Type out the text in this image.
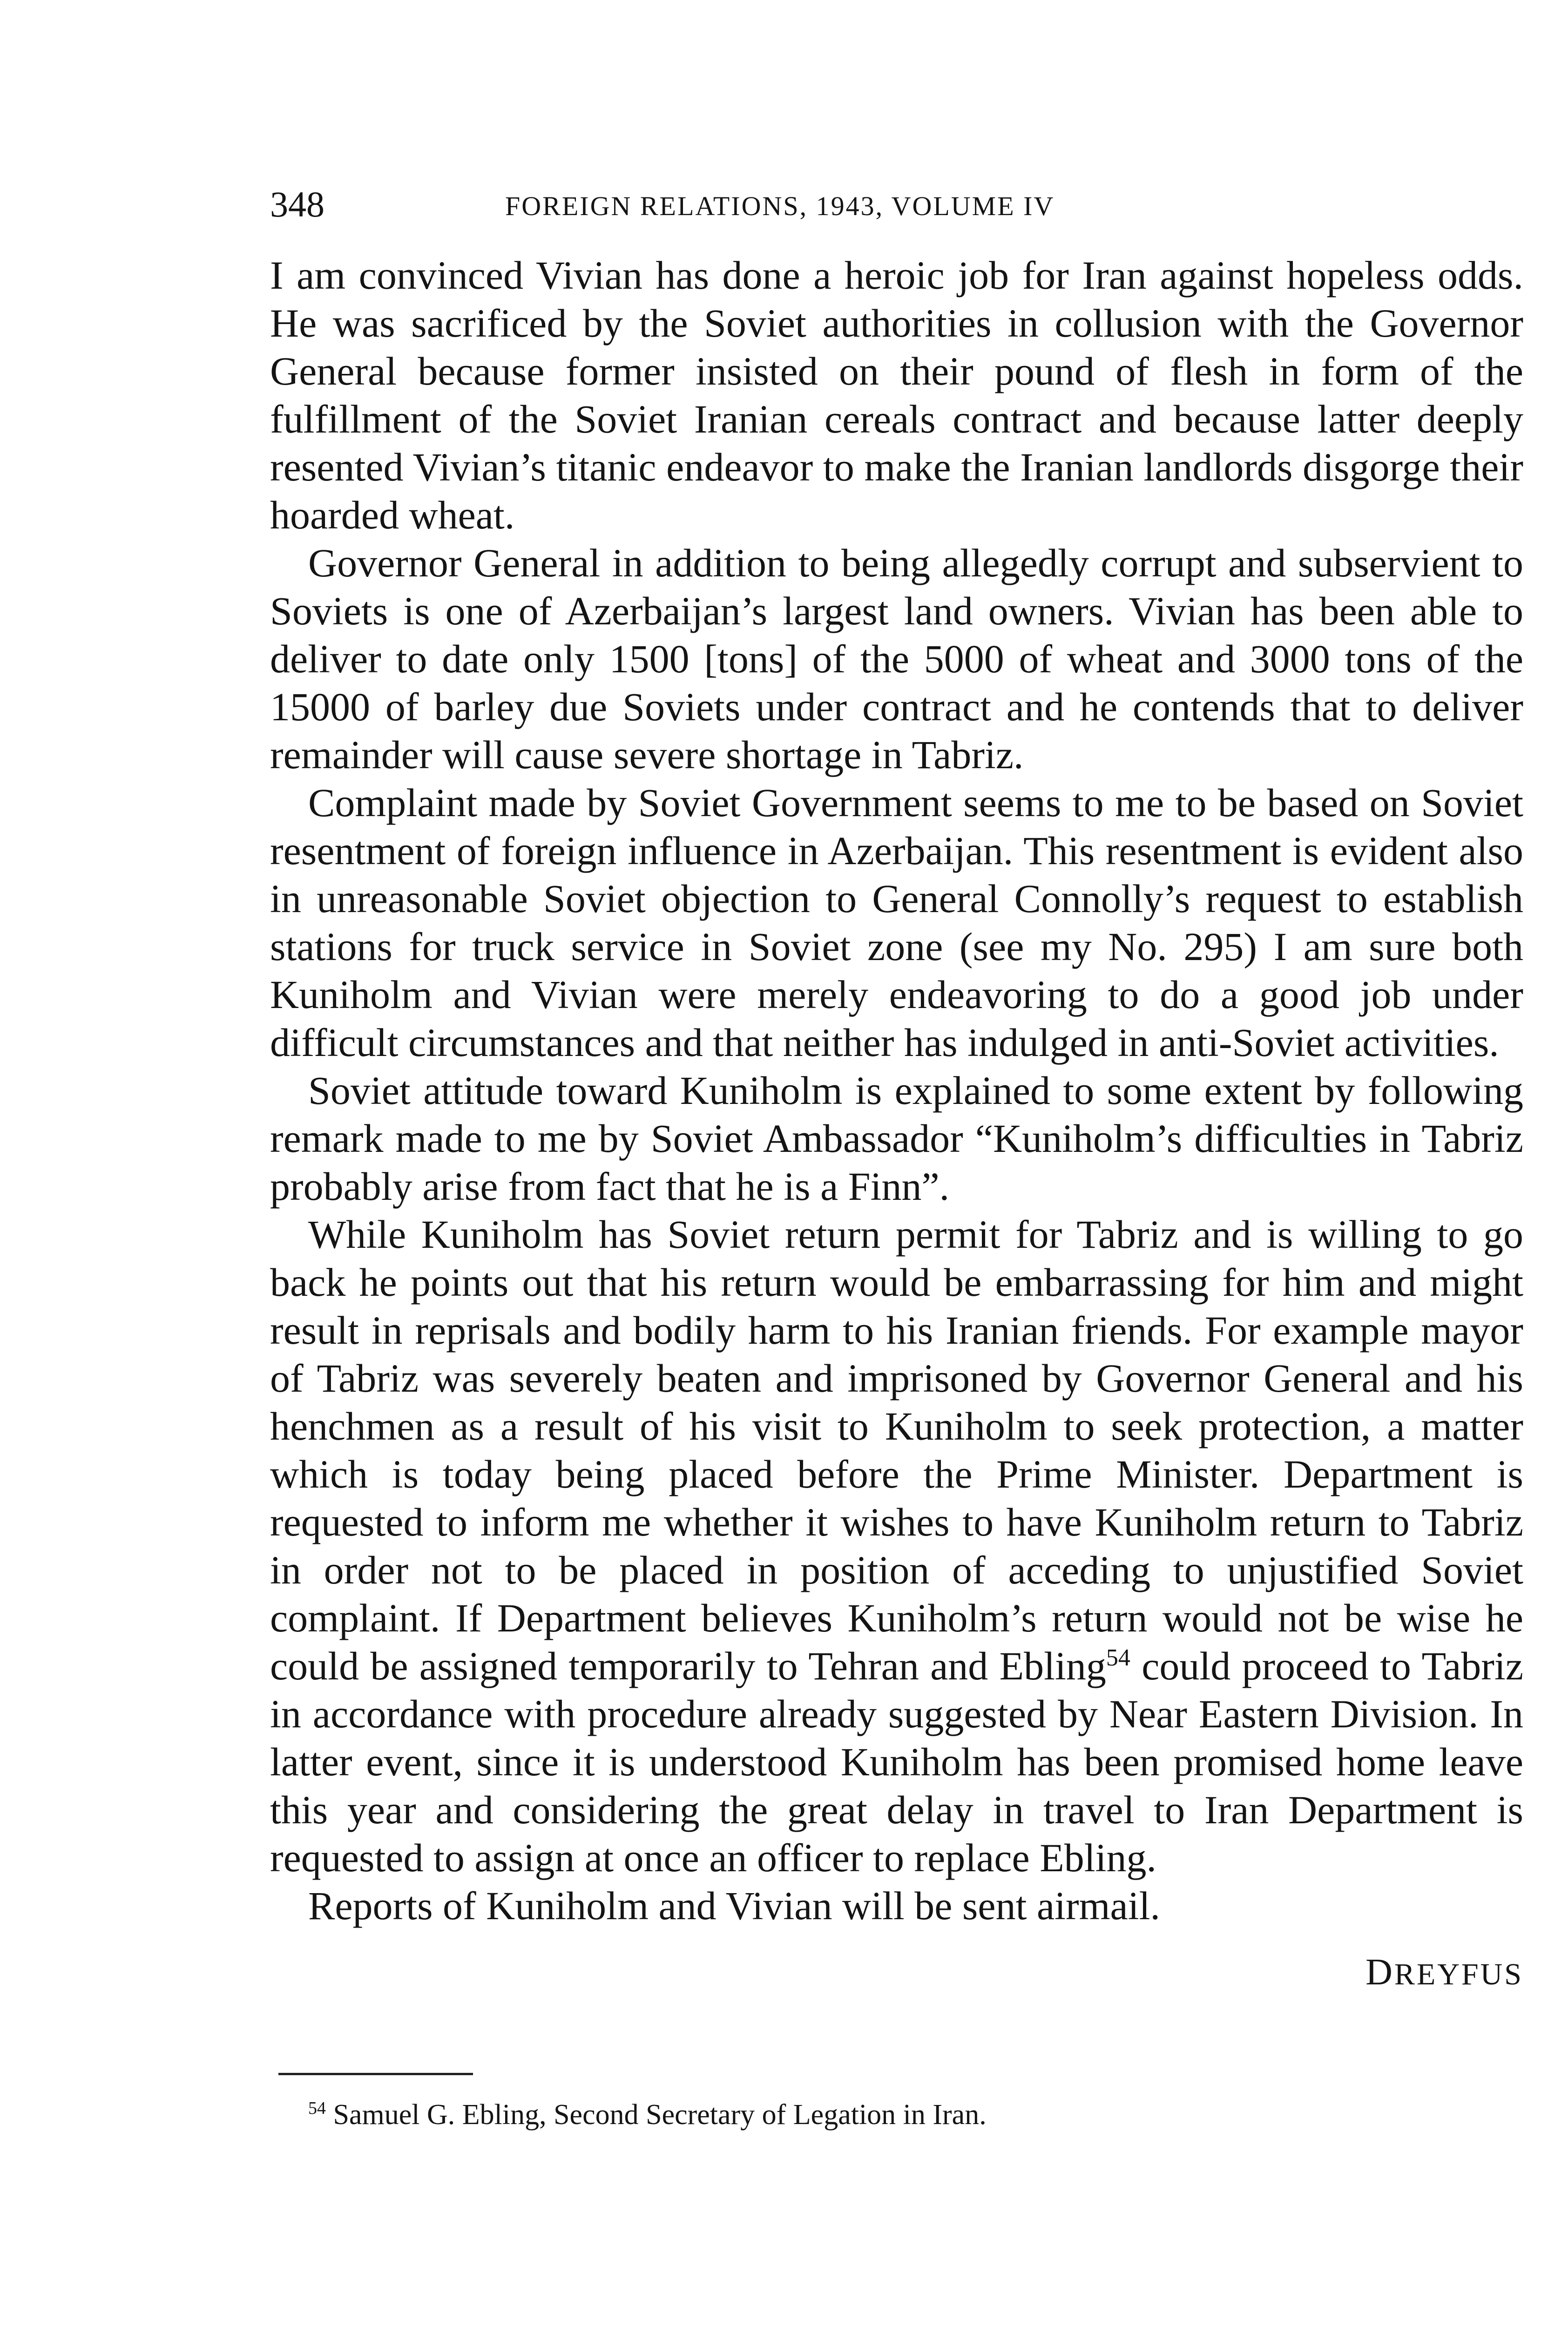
348	FOREIGN RELATIONS, 1943, VOLUME IV

I am convinced Vivian has done a heroic job for Iran against hopeless odds. He was sacrificed by the Soviet authorities in collusion with the Governor General because former insisted on their pound of flesh in form of the fulfillment of the Soviet Iranian cereals contract and because latter deeply resented Vivian’s titanic endeavor to make the Iranian landlords disgorge their hoarded wheat.

Governor General in addition to being allegedly corrupt and subservient to Soviets is one of Azerbaijan’s largest land owners. Vivian has been able to deliver to date only 1500 [tons] of the 5000 of wheat and 3000 tons of the 15000 of barley due Soviets under contract and he contends that to deliver remainder will cause severe shortage in Tabriz.

Complaint made by Soviet Government seems to me to be based on Soviet resentment of foreign influence in Azerbaijan. This resentment is evident also in unreasonable Soviet objection to General Connolly’s request to establish stations for truck service in Soviet zone (see my No. 295) I am sure both Kuniholm and Vivian were merely endeavoring to do a good job under difficult circumstances and that neither has indulged in anti-Soviet activities.

Soviet attitude toward Kuniholm is explained to some extent by following remark made to me by Soviet Ambassador “Kuniholm’s difficulties in Tabriz probably arise from fact that he is a Finn”.

While Kuniholm has Soviet return permit for Tabriz and is willing to go back he points out that his return would be embarrassing for him and might result in reprisals and bodily harm to his Iranian friends. For example mayor of Tabriz was severely beaten and imprisoned by Governor General and his henchmen as a result of his visit to Kuniholm to seek protection, a matter which is today being placed before the Prime Minister. Department is requested to inform me whether it wishes to have Kuniholm return to Tabriz in order not to be placed in position of acceding to unjustified Soviet complaint. If Department believes Kuniholm’s return would not be wise he could be assigned temporarily to Tehran and Ebling$^{54}$ could proceed to Tabriz in accordance with procedure already suggested by Near Eastern Division. In latter event, since it is understood Kuniholm has been promised home leave this year and considering the great delay in travel to Iran Department is requested to assign at once an officer to replace Ebling.

Reports of Kuniholm and Vivian will be sent airmail.

DREYFUS
$^{54}$ Samuel G. Ebling, Second Secretary of Legation in Iran.
